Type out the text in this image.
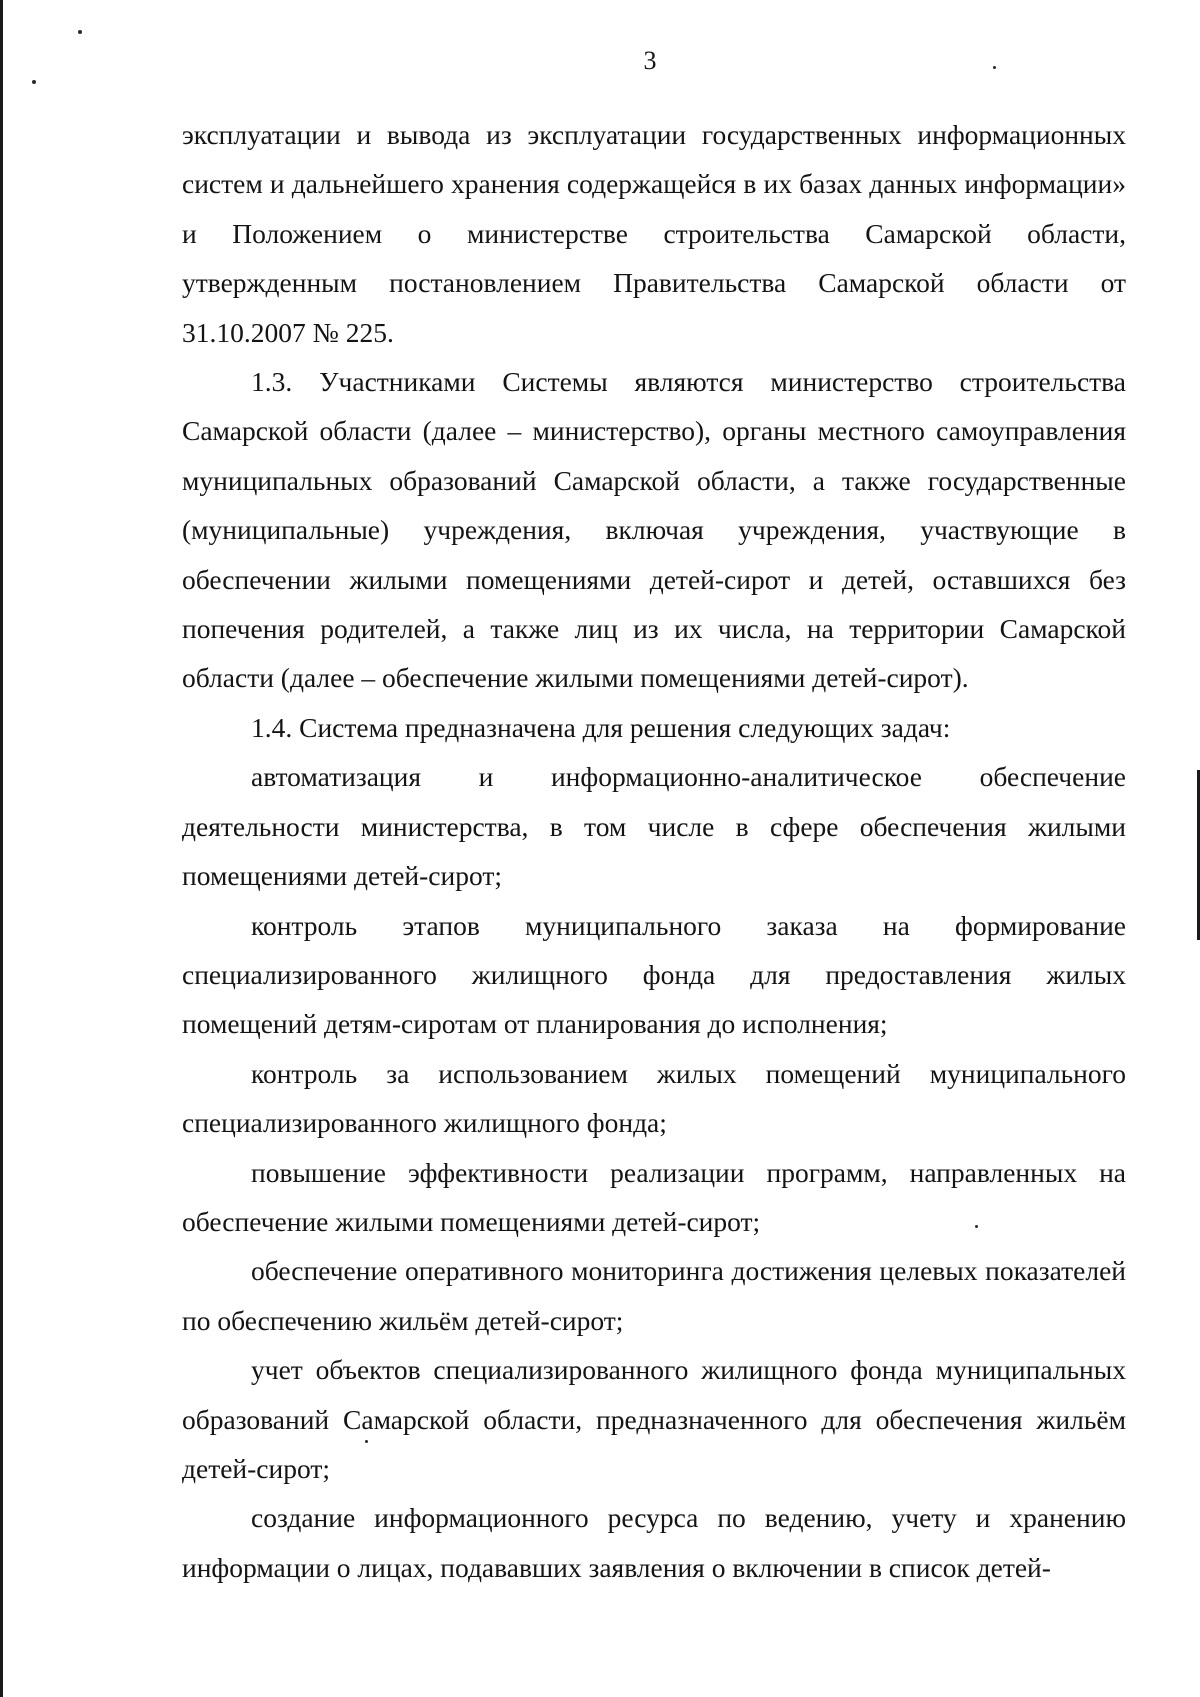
3

эксплуатации и вывода из эксплуатации государственных информационных систем и дальнейшего хранения содержащейся в их базах данных информации» и Положением о министерстве строительства Самарской области, утвержденным постановлением Правительства Самарской области от 31.10.2007 № 225.

1.3. Участниками Системы являются министерство строительства Самарской области (далее – министерство), органы местного самоуправления муниципальных образований Самарской области, а также государственные (муниципальные) учреждения, включая учреждения, участвующие в обеспечении жилыми помещениями детей-сирот и детей, оставшихся без попечения родителей, а также лиц из их числа, на территории Самарской области (далее – обеспечение жилыми помещениями детей-сирот).

1.4. Система предназначена для решения следующих задач:

автоматизация и информационно-аналитическое обеспечение деятельности министерства, в том числе в сфере обеспечения жилыми помещениями детей-сирот;

контроль этапов муниципального заказа на формирование специализированного жилищного фонда для предоставления жилых помещений детям-сиротам от планирования до исполнения;

контроль за использованием жилых помещений муниципального специализированного жилищного фонда;

повышение эффективности реализации программ, направленных на обеспечение жилыми помещениями детей-сирот;

обеспечение оперативного мониторинга достижения целевых показателей по обеспечению жильём детей-сирот;

учет объектов специализированного жилищного фонда муниципальных образований Самарской области, предназначенного для обеспечения жильём детей-сирот;

создание информационного ресурса по ведению, учету и хранению информации о лицах, подававших заявления о включении в список детей-
